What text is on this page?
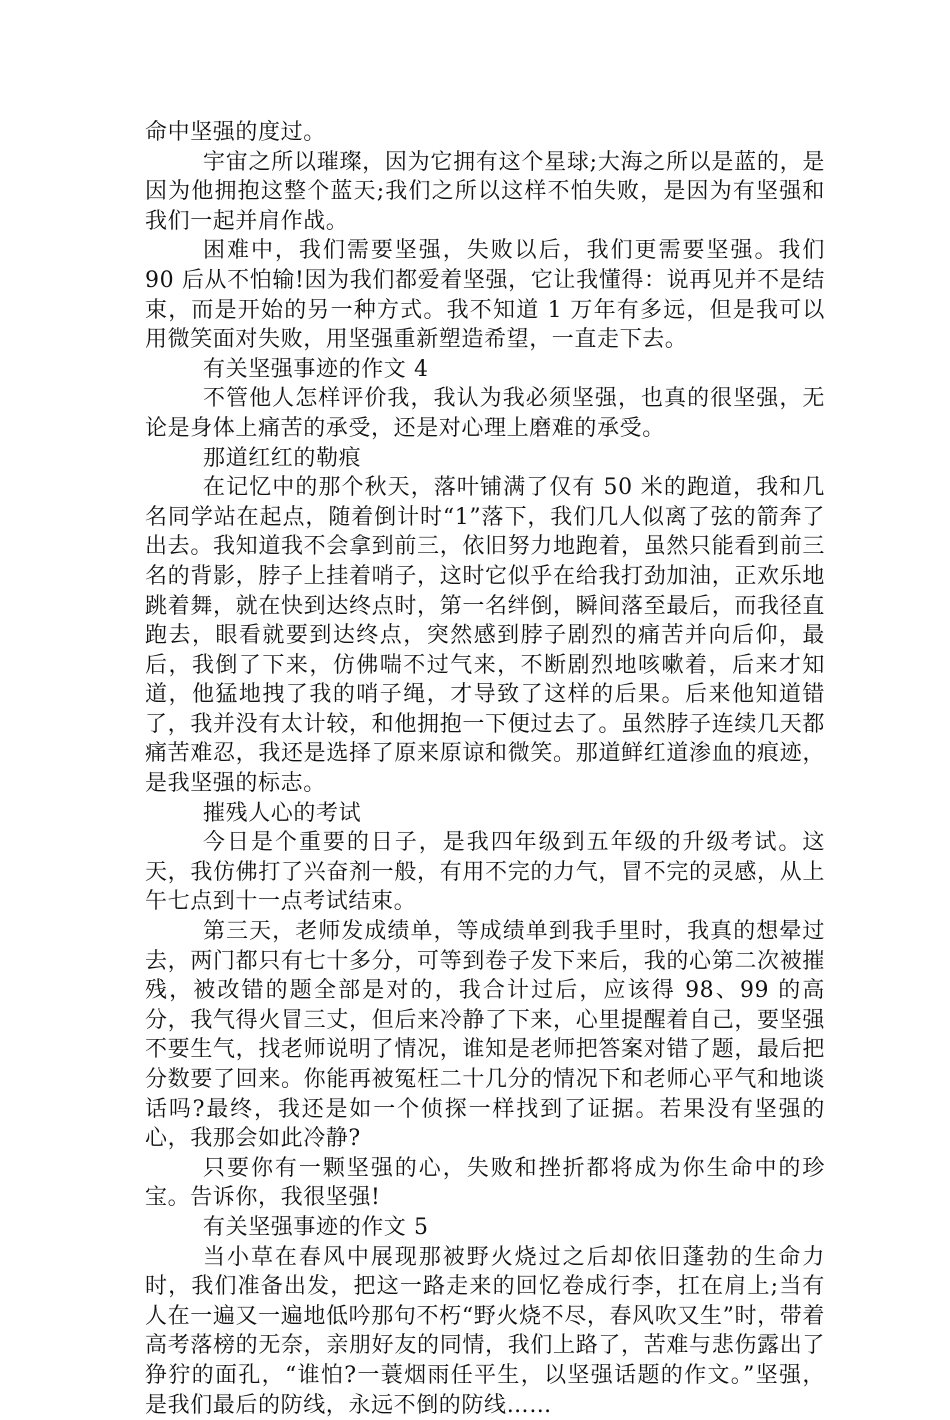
命中坚强的度过。

宇宙之所以璀璨，因为它拥有这个星球;大海之所以是蓝的，是因为他拥抱这整个蓝天;我们之所以这样不怕失败，是因为有坚强和我们一起并肩作战。

困难中，我们需要坚强，失败以后，我们更需要坚强。我们 90 后从不怕输!因为我们都爱着坚强，它让我懂得：说再见并不是结束，而是开始的另一种方式。我不知道 1 万年有多远，但是我可以用微笑面对失败，用坚强重新塑造希望，一直走下去。

有关坚强事迹的作文 4

不管他人怎样评价我，我认为我必须坚强，也真的很坚强，无论是身体上痛苦的承受，还是对心理上磨难的承受。

那道红红的勒痕

在记忆中的那个秋天，落叶铺满了仅有 50 米的跑道，我和几名同学站在起点，随着倒计时“1”落下，我们几人似离了弦的箭奔了出去。我知道我不会拿到前三，依旧努力地跑着，虽然只能看到前三名的背影，脖子上挂着哨子，这时它似乎在给我打劲加油，正欢乐地跳着舞，就在快到达终点时，第一名绊倒，瞬间落至最后，而我径直跑去，眼看就要到达终点，突然感到脖子剧烈的痛苦并向后仰，最后，我倒了下来，仿佛喘不过气来，不断剧烈地咳嗽着，后来才知道，他猛地拽了我的哨子绳，才导致了这样的后果。后来他知道错了，我并没有太计较，和他拥抱一下便过去了。虽然脖子连续几天都痛苦难忍，我还是选择了原来原谅和微笑。那道鲜红道渗血的痕迹，是我坚强的标志。

摧残人心的考试

今日是个重要的日子，是我四年级到五年级的升级考试。这天，我仿佛打了兴奋剂一般，有用不完的力气，冒不完的灵感，从上午七点到十一点考试结束。

第三天，老师发成绩单，等成绩单到我手里时，我真的想晕过去，两门都只有七十多分，可等到卷子发下来后，我的心第二次被摧残，被改错的题全部是对的，我合计过后，应该得 98、99 的高分，我气得火冒三丈，但后来冷静了下来，心里提醒着自己，要坚强不要生气，找老师说明了情况，谁知是老师把答案对错了题，最后把分数要了回来。你能再被冤枉二十几分的情况下和老师心平气和地谈话吗?最终，我还是如一个侦探一样找到了证据。若果没有坚强的心，我那会如此冷静?

只要你有一颗坚强的心，失败和挫折都将成为你生命中的珍宝。告诉你，我很坚强!

有关坚强事迹的作文 5

当小草在春风中展现那被野火烧过之后却依旧蓬勃的生命力时，我们准备出发，把这一路走来的回忆卷成行李，扛在肩上;当有人在一遍又一遍地低吟那句不朽“野火烧不尽，春风吹又生”时，带着高考落榜的无奈，亲朋好友的同情，我们上路了，苦难与悲伤露出了狰狞的面孔，“谁怕?一蓑烟雨任平生，以坚强话题的作文。”坚强，是我们最后的防线，永远不倒的防线……
